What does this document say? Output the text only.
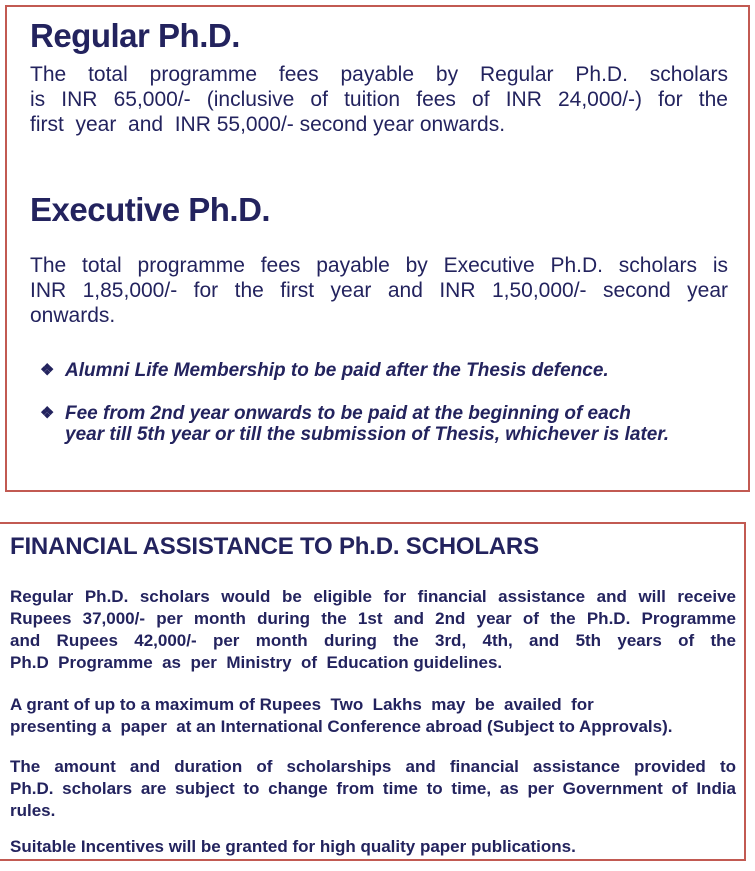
Regular Ph.D.
The total programme fees payable by Regular Ph.D. scholars
is INR 65,000/- (inclusive of tuition fees of INR 24,000/-) for the
first  year  and  INR 55,000/- second year onwards.
Executive Ph.D.
The total programme fees payable by Executive Ph.D. scholars is
INR 1,85,000/- for the first year and INR 1,50,000/- second year
onwards.
❖ Alumni Life Membership to be paid after the Thesis defence.
❖ Fee from 2nd year onwards to be paid at the beginning of each
year till 5th year or till the submission of Thesis, whichever is later.
FINANCIAL ASSISTANCE TO Ph.D. SCHOLARS
Regular Ph.D. scholars would be eligible for financial assistance and will receive
Rupees 37,000/- per month during the 1st and 2nd year of the Ph.D. Programme
and Rupees 42,000/- per month during the 3rd, 4th, and 5th years of the
Ph.D  Programme  as  per  Ministry  of  Education guidelines.
A grant of up to a maximum of Rupees  Two  Lakhs  may  be  availed  for
presenting a  paper  at an International Conference abroad (Subject to Approvals).
The amount and duration of scholarships and financial assistance provided to
Ph.D. scholars are subject to change from time to time, as per Government of India
rules.
Suitable Incentives will be granted for high quality paper publications.
